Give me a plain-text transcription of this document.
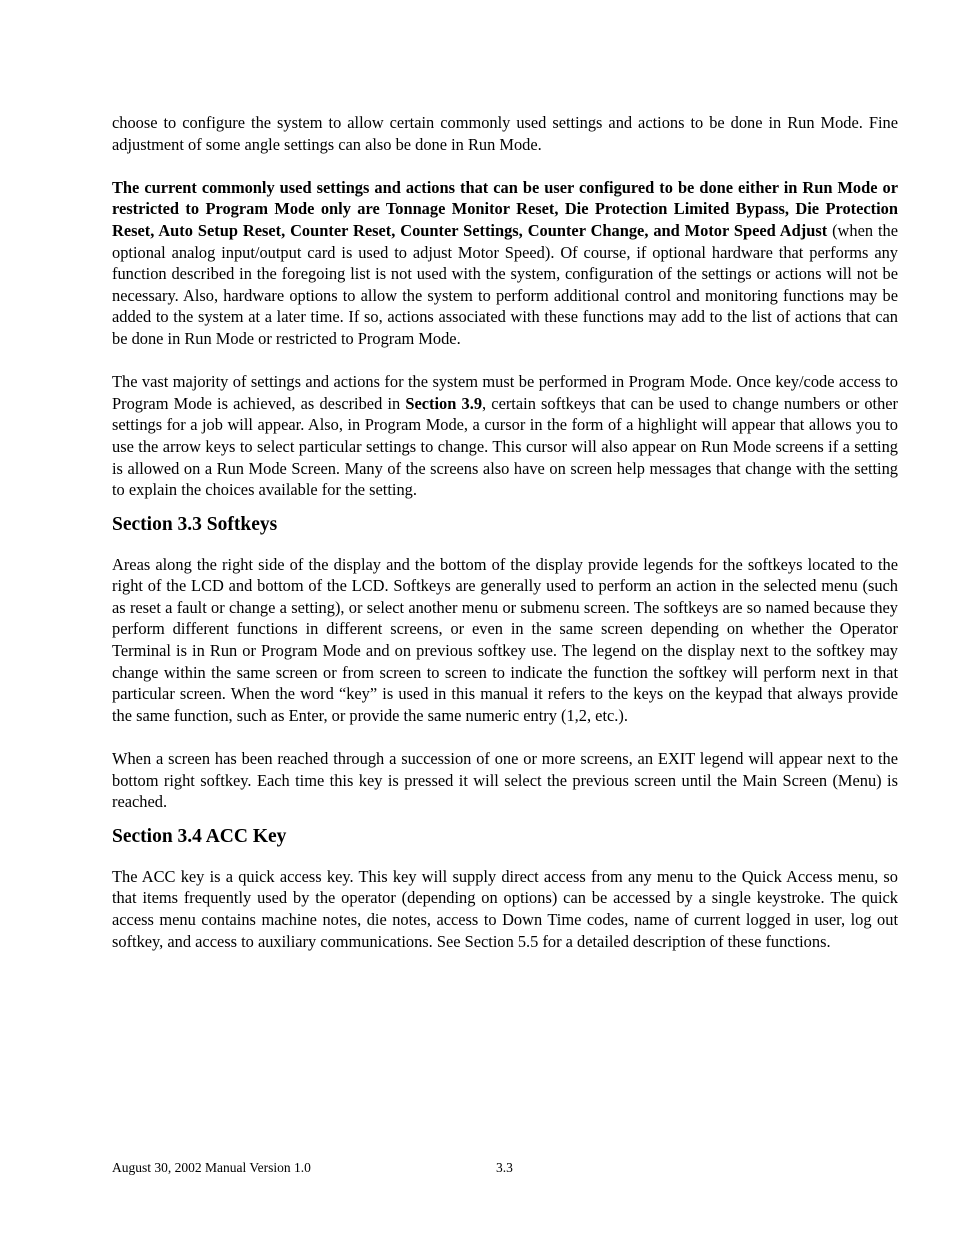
choose to configure the system to allow certain commonly used settings and actions to be done in Run Mode. Fine adjustment of some angle settings can also be done in Run Mode.

The current commonly used settings and actions that can be user configured to be done either in Run Mode or restricted to Program Mode only are Tonnage Monitor Reset, Die Protection Limited Bypass, Die Protection Reset, Auto Setup Reset, Counter Reset, Counter Settings, Counter Change, and Motor Speed Adjust (when the optional analog input/output card is used to adjust Motor Speed). Of course, if optional hardware that performs any function described in the foregoing list is not used with the system, configuration of the settings or actions will not be necessary. Also, hardware options to allow the system to perform additional control and monitoring functions may be added to the system at a later time. If so, actions associated with these functions may add to the list of actions that can be done in Run Mode or restricted to Program Mode.

The vast majority of settings and actions for the system must be performed in Program Mode. Once key/code access to Program Mode is achieved, as described in Section 3.9, certain softkeys that can be used to change numbers or other settings for a job will appear. Also, in Program Mode, a cursor in the form of a highlight will appear that allows you to use the arrow keys to select particular settings to change. This cursor will also appear on Run Mode screens if a setting is allowed on a Run Mode Screen. Many of the screens also have on screen help messages that change with the setting to explain the choices available for the setting.

Section 3.3 Softkeys

Areas along the right side of the display and the bottom of the display provide legends for the softkeys located to the right of the LCD and bottom of the LCD. Softkeys are generally used to perform an action in the selected menu (such as reset a fault or change a setting), or select another menu or submenu screen. The softkeys are so named because they perform different functions in different screens, or even in the same screen depending on whether the Operator Terminal is in Run or Program Mode and on previous softkey use. The legend on the display next to the softkey may change within the same screen or from screen to screen to indicate the function the softkey will perform next in that particular screen. When the word “key” is used in this manual it refers to the keys on the keypad that always provide the same function, such as Enter, or provide the same numeric entry (1,2, etc.).

When a screen has been reached through a succession of one or more screens, an EXIT legend will appear next to the bottom right softkey. Each time this key is pressed it will select the previous screen until the Main Screen (Menu) is reached.

Section 3.4 ACC Key

The ACC key is a quick access key. This key will supply direct access from any menu to the Quick Access menu, so that items frequently used by the operator (depending on options) can be accessed by a single keystroke. The quick access menu contains machine notes, die notes, access to Down Time codes, name of current logged in user, log out softkey, and access to auxiliary communications. See Section 5.5 for a detailed description of these functions.

August 30, 2002 Manual Version 1.0	3.3
